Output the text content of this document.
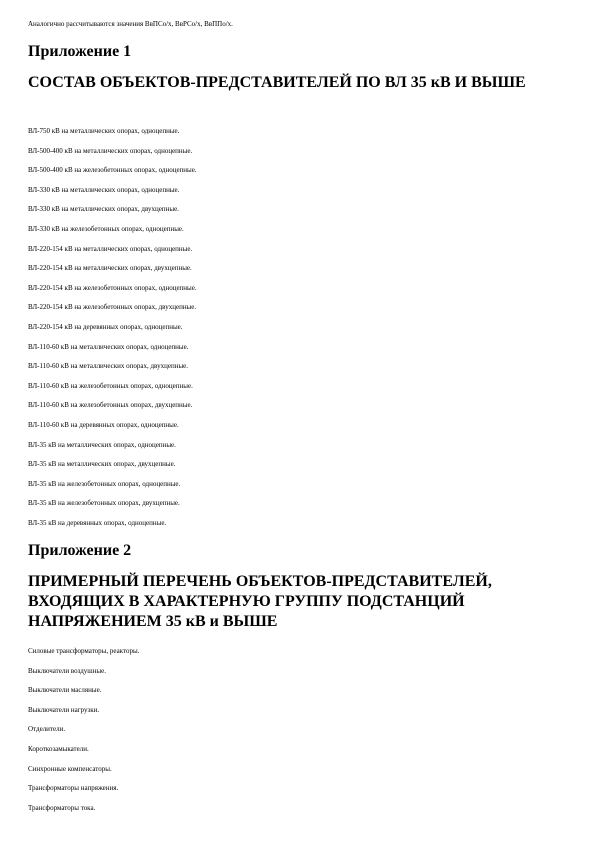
Аналогично рассчитываются значения ВвПСо/х, ВвРСо/х, ВвППо/х.
Приложение 1
СОСТАВ ОБЪЕКТОВ-ПРЕДСТАВИТЕЛЕЙ ПО ВЛ 35 кВ И ВЫШЕ
ВЛ-750 кВ на металлических опорах, одноцепные.
ВЛ-500-400 кВ на металлических опорах, одноцепные.
ВЛ-500-400 кВ на железобетонных опорах, одноцепные.
ВЛ-330 кВ на металлических опорах, одноцепные.
ВЛ-330 кВ на металлических опорах, двухцепные.
ВЛ-330 кВ на железобетонных опорах, одноцепные.
ВЛ-220-154 кВ на металлических опорах, одноцепные.
ВЛ-220-154 кВ на металлических опорах, двухцепные.
ВЛ-220-154 кВ на железобетонных опорах, одноцепные.
ВЛ-220-154 кВ на железобетонных опорах, двухцепные.
ВЛ-220-154 кВ на деревянных опорах, одноцепные.
ВЛ-110-60 кВ на металлических опорах, одноцепные.
ВЛ-110-60 кВ на металлических опорах, двухцепные.
ВЛ-110-60 кВ на железобетонных опорах, одноцепные.
ВЛ-110-60 кВ на железобетонных опорах, двухцепные.
ВЛ-110-60 кВ на деревянных опорах, одноцепные.
ВЛ-35 кВ на металлических опорах, одноцепные.
ВЛ-35 кВ на металлических опорах, двухцепные.
ВЛ-35 кВ на железобетонных опорах, одноцепные.
ВЛ-35 кВ на железобетонных опорах, двухцепные.
ВЛ-35 кВ на деревянных опорах, одноцепные.
Приложение 2
ПРИМЕРНЫЙ ПЕРЕЧЕНЬ ОБЪЕКТОВ-ПРЕДСТАВИТЕЛЕЙ, ВХОДЯЩИХ В ХАРАКТЕРНУЮ ГРУППУ ПОДСТАНЦИЙ НАПРЯЖЕНИЕМ 35 кВ и ВЫШЕ
Силовые трансформаторы, реакторы.
Выключатели воздушные.
Выключатели масляные.
Выключатели нагрузки.
Отделители.
Короткозамыкатели.
Синхронные компенсаторы.
Трансформаторы напряжения.
Трансформаторы тока.
